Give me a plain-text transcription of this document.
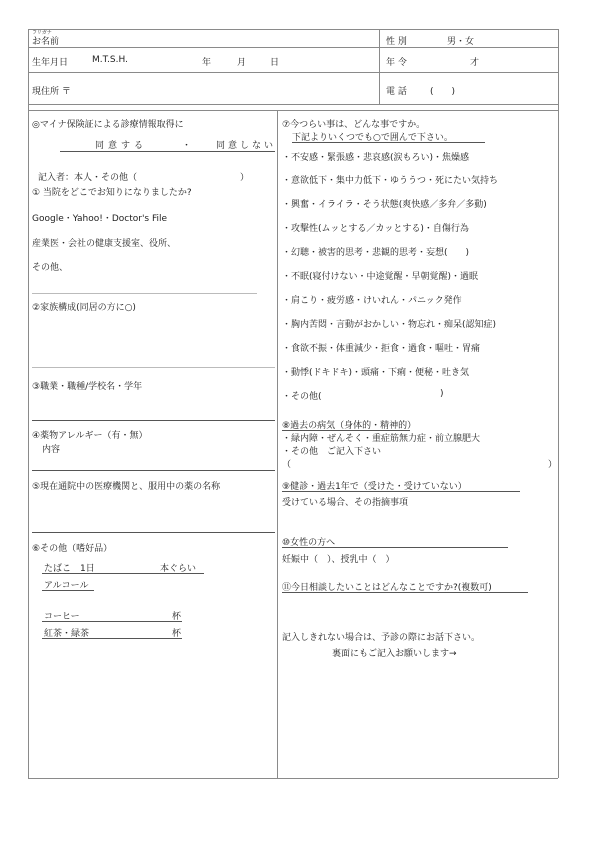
フリガナ
お名前	性 別	男・女
生年月日	M.T.S.H.	年	月	日	年 令	才
現住所 〒	電 話	(　　)
◎マイナ保険証による診療情報取得に
同意する	・	同意しない
記入者：本人・その他（	）
① 当院をどこでお知りになりましたか?
Google・Yahoo!・Doctor's File
産業医・会社の健康支援室、役所、
その他、
②家族構成(同居の方に○)
③職業・職種/学校名・学年
④薬物アレルギー（有・無）
内容
⑤現在通院中の医療機関と、服用中の薬の名称
⑥その他（嗜好品）
たばこ　1日	本ぐらい
アルコール
コーヒー	杯
紅茶・緑茶	杯
⑦今つらい事は、どんな事ですか。
下記よりいくつでも○で囲んで下さい。
・不安感・緊張感・悲哀感(涙もろい)・焦燥感
・意欲低下・集中力低下・ゆううつ・死にたい気持ち
・興奮・イライラ・そう状態(爽快感／多弁／多動)
・攻撃性(ムッとする／カッとする)・自傷行為
・幻聴・被害的思考・悲観的思考・妄想(　　)
・不眠(寝付けない・中途覚醒・早朝覚醒)・過眠
・肩こり・疲労感・けいれん・パニック発作
・胸内苦悶・言動がおかしい・物忘れ・痴呆(認知症)
・食欲不振・体重減少・拒食・過食・嘔吐・胃痛
・動悸(ドキドキ)・頭痛・下痢・便秘・吐き気
・その他(	)
⑧過去の病気（身体的・精神的）
・緑内障・ぜんそく・重症筋無力症・前立腺肥大
・その他　ご記入下さい
（	）
⑨健診・過去1年で（受けた・受けていない）
受けている場合、その指摘事項
⑩女性の方へ
妊娠中（　）、授乳中（　）
⑪今日相談したいことはどんなことですか?(複数可)
記入しきれない場合は、予診の際にお話下さい。
裏面にもご記入お願いします→
